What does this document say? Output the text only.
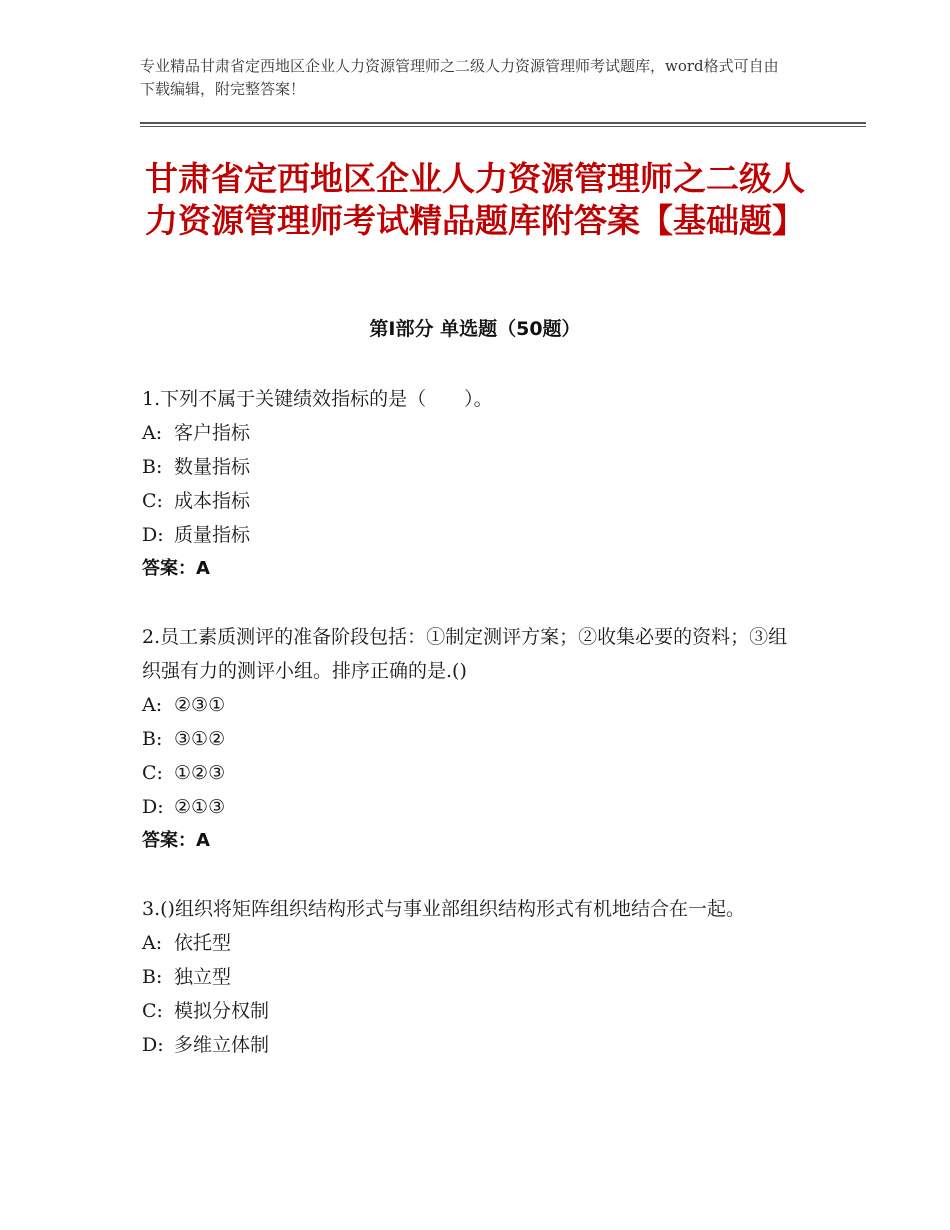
专业精品甘肃省定西地区企业人力资源管理师之二级人力资源管理师考试题库，word格式可自由下载编辑，附完整答案！
甘肃省定西地区企业人力资源管理师之二级人力资源管理师考试精品题库附答案【基础题】
第Ⅰ部分 单选题（50题）

1.下列不属于关键绩效指标的是（　　）。

A: 客户指标

B: 数量指标

C: 成本指标

D: 质量指标

答案：A

2.员工素质测评的准备阶段包括：①制定测评方案；②收集必要的资料；③组织强有力的测评小组。排序正确的是.()

A: ②③①

B: ③①②

C: ①②③

D: ②①③

答案：A

3.()组织将矩阵组织结构形式与事业部组织结构形式有机地结合在一起。

A: 依托型

B: 独立型

C: 模拟分权制

D: 多维立体制
